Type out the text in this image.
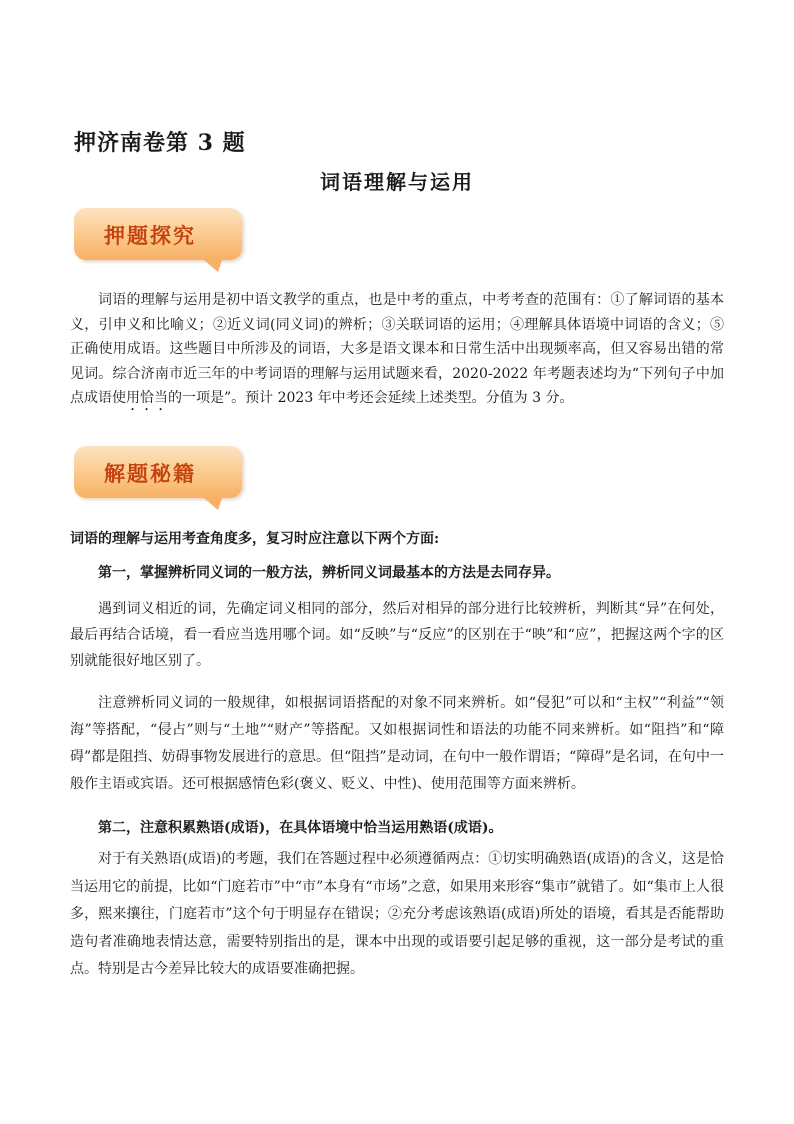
押济南卷第 3 题
词语理解与运用
押题探究

词语的理解与运用是初中语文教学的重点，也是中考的重点，中考考查的范围有：①了解词语的基本义，引申义和比喻义；②近义词(同义词)的辨析；③关联词语的运用；④理解具体语境中词语的含义；⑤正确使用成语。这些题目中所涉及的词语，大多是语文课本和日常生活中出现频率高，但又容易出错的常见词。综合济南市近三年的中考词语的理解与运用试题来看，2020-2022 年考题表述均为“下列句子中加点成语使用恰当的一项是”。预计 2023 年中考还会延续上述类型。分值为 3 分。

解题秘籍

词语的理解与运用考查角度多，复习时应注意以下两个方面:

第一，掌握辨析同义词的一般方法，辨析同义词最基本的方法是去同存异。

遇到词义相近的词，先确定词义相同的部分，然后对相异的部分进行比较辨析，判断其“异”在何处，最后再结合话境，看一看应当选用哪个词。如“反映”与“反应”的区别在于“映”和“应”，把握这两个字的区别就能很好地区别了。

注意辨析同义词的一般规律，如根据词语搭配的对象不同来辨析。如“侵犯”可以和“主权”“利益”“领海”等搭配，“侵占”则与“土地”“财产”等搭配。又如根据词性和语法的功能不同来辨析。如“阻挡”和“障碍”都是阻挡、妨碍事物发展进行的意思。但“阻挡”是动词，在句中一般作谓语；“障碍”是名词，在句中一般作主语或宾语。还可根据感情色彩(褒义、贬义、中性)、使用范围等方面来辨析。

第二，注意积累熟语(成语)，在具体语境中恰当运用熟语(成语)。

对于有关熟语(成语)的考题，我们在答题过程中必须遵循两点：①切实明确熟语(成语)的含义，这是恰当运用它的前提，比如“门庭若市”中“市”本身有“市场”之意，如果用来形容“集市”就错了。如“集市上人很多，熙来攘往，门庭若市”这个句于明显存在错误；②充分考虑该熟语(成语)所处的语境，看其是否能帮助造句者准确地表情达意，需要特别指出的是，课本中出现的或语要引起足够的重视，这一部分是考试的重点。特别是古今差异比较大的成语要准确把握。
